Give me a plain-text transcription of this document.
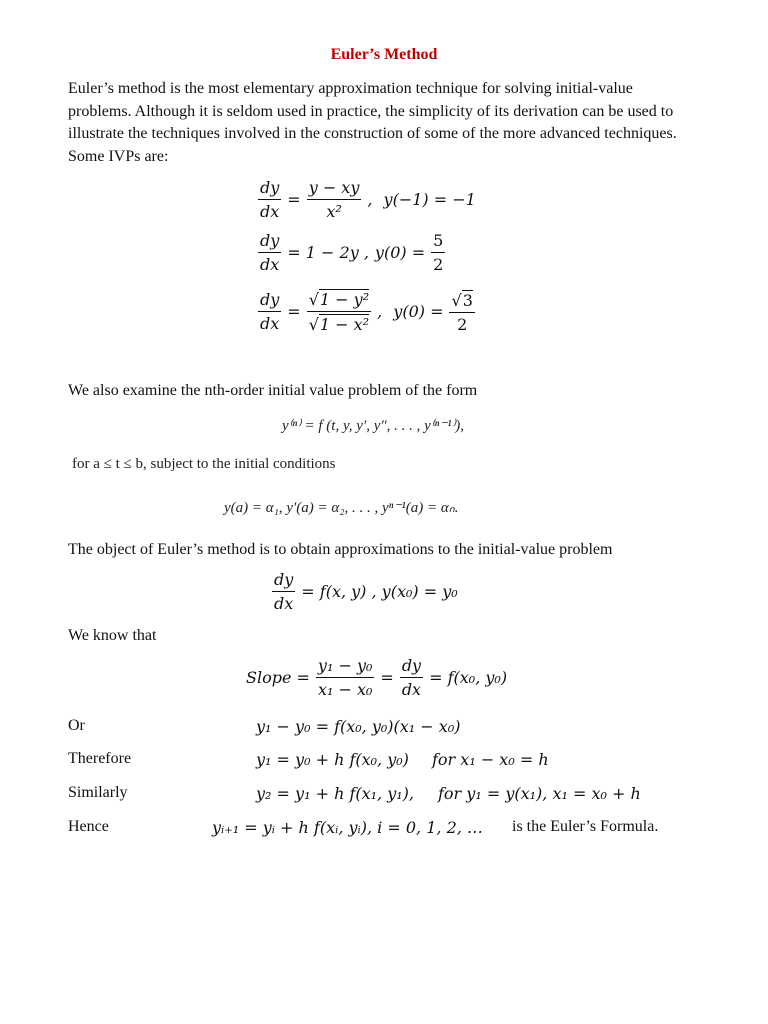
Euler’s Method
Euler’s method is the most elementary approximation technique for solving initial-value problems. Although it is seldom used in practice, the simplicity of its derivation can be used to illustrate the techniques involved in the construction of some of the more advanced techniques. Some IVPs are:
$\frac{dy}{dx} = \frac{y - xy}{\text{x²}}$ , y(−1) = −1
$\frac{dy}{dx} = 1 - 2y$ , $y(0) = \frac{5}{2}$
$\frac{dy}{dx} = \frac{\text{√1 − y²}}{\text{√1 − x²}}$ , $y(0) = \frac{√3}{2}$
We also examine the nth-order initial value problem of the form
y⁽ⁿ⁾ = f (t, y, y′, y″, . . . , y⁽ⁿ⁻¹⁾),
for a ≤ t ≤ b, subject to the initial conditions
y(a) = α₁, y′(a) = α₂, . . . , yⁿ⁻¹(a) = αₙ.
The object of Euler’s method is to obtain approximations to the initial-value problem
$\frac{dy}{dx} = f(x$, y) , y(x₀) = y₀
We know that
Slope = $\frac{\text{y₁ − y₀}}{\text{x₁ − x₀}} = \frac{dy}{dx} = f(x_0$, y₀)
Or	y₁ − y₀ = f(x₀, y₀)(x₁ − x₀)
Therefore	y₁ = y₀ + h f(x₀, y₀) for x₁ − x₀ = h
Similarly	y₂ = y₁ + h f(x₁, y₁), for y₁ = y(x₁), x₁ = x₀ + h
Hence	yᵢ₊₁ = yᵢ + h f(xᵢ, yᵢ), i = 0, 1, 2, … is the Euler’s Formula.
